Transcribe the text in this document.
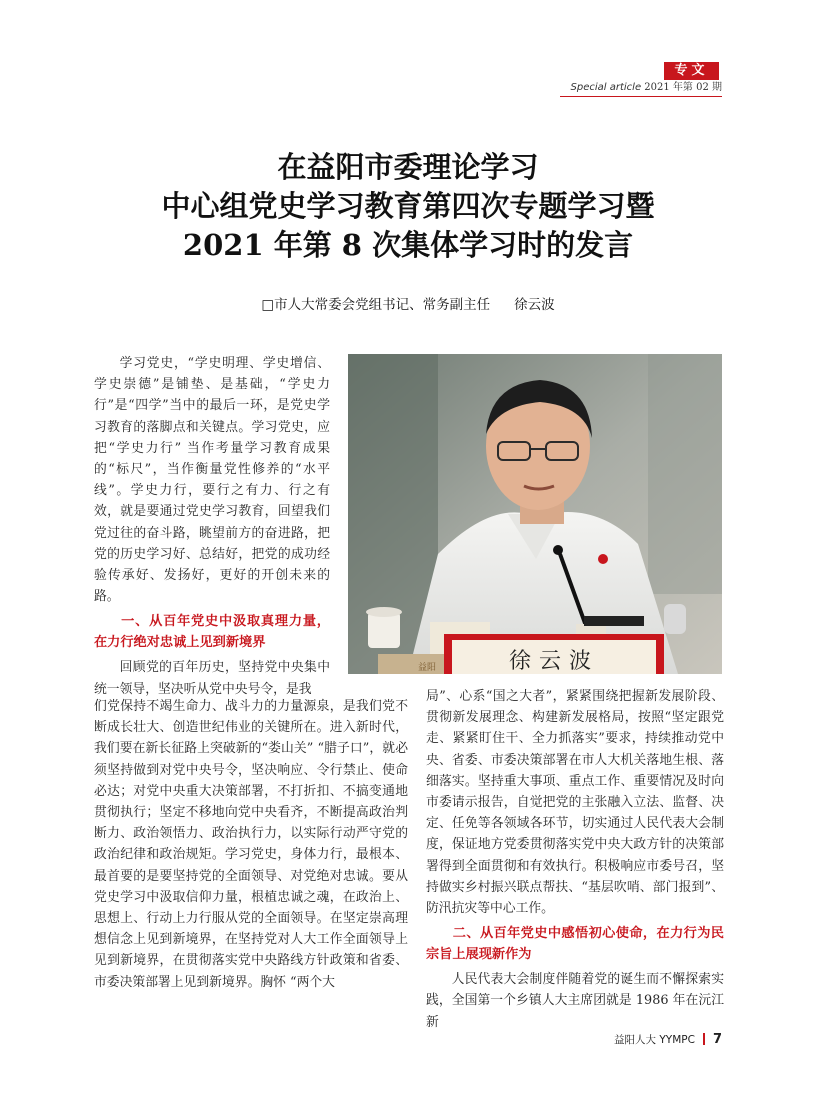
专文
Special article 2021 年第 02 期
在益阳市委理论学习
中心组党史学习教育第四次专题学习暨
2021 年第 8 次集体学习时的发言
□市人大常委会党组书记、常务副主任 徐云波

学习党史，“学史明理、学史增信、学史崇德”是铺垫、是基础，“学史力行”是“四学”当中的最后一环，是党史学习教育的落脚点和关键点。学习党史，应把“学史力行” 当作考量学习教育成果的“标尺”，当作衡量党性修养的“水平线”。学史力行，要行之有力、行之有效，就是要通过党史学习教育，回望我们党过往的奋斗路，眺望前方的奋进路，把党的历史学习好、总结好，把党的成功经验传承好、发扬好，更好的开创未来的路。

一、从百年党史中汲取真理力量，在力行绝对忠诚上见到新境界

回顾党的百年历史，坚持党中央集中统一领导，坚决听从党中央号令，是我

益阳	徐云波

们党保持不竭生命力、战斗力的力量源泉，是我们党不断成长壮大、创造世纪伟业的关键所在。进入新时代，我们要在新长征路上突破新的“娄山关” “腊子口”，就必须坚持做到对党中央号令，坚决响应、令行禁止、使命必达；对党中央重大决策部署，不打折扣、不搞变通地贯彻执行；坚定不移地向党中央看齐，不断提高政治判断力、政治领悟力、政治执行力，以实际行动严守党的政治纪律和政治规矩。学习党史，身体力行，最根本、最首要的是要坚持党的全面领导、对党绝对忠诚。要从党史学习中汲取信仰力量，根植忠诚之魂，在政治上、思想上、行动上力行服从党的全面领导。在坚定崇高理想信念上见到新境界，在坚持党对人大工作全面领导上见到新境界，在贯彻落实党中央路线方针政策和省委、市委决策部署上见到新境界。胸怀 “两个大

局”、心系“国之大者”，紧紧围绕把握新发展阶段、贯彻新发展理念、构建新发展格局，按照“坚定跟党走、紧紧盯住干、全力抓落实”要求，持续推动党中央、省委、市委决策部署在市人大机关落地生根、落细落实。坚持重大事项、重点工作、重要情况及时向市委请示报告，自觉把党的主张融入立法、监督、决定、任免等各领域各环节，切实通过人民代表大会制度，保证地方党委贯彻落实党中央大政方针的决策部署得到全面贯彻和有效执行。积极响应市委号召，坚持做实乡村振兴联点帮扶、“基层吹哨、部门报到”、防汛抗灾等中心工作。

二、从百年党史中感悟初心使命，在力行为民宗旨上展现新作为

人民代表大会制度伴随着党的诞生而不懈探索实践，全国第一个乡镇人大主席团就是 1986 年在沅江新

益阳人大 YYMPC 7
